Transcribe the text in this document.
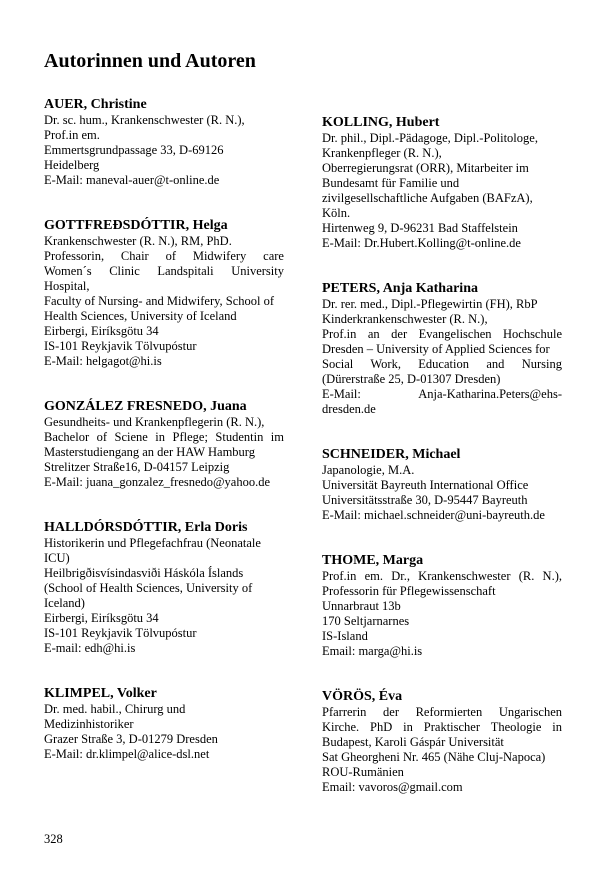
Autorinnen und Autoren
AUER, Christine
Dr. sc. hum., Krankenschwester (R. N.),
Prof.in em.
Emmertsgrundpassage 33, D-69126
Heidelberg
E-Mail: maneval-auer@t-online.de
GOTTFREÐSDÓTTIR, Helga
Krankenschwester (R. N.), RM, PhD.
Professorin, Chair of Midwifery care
Women´s Clinic Landspitali University
Hospital,
Faculty of Nursing- and Midwifery, School of
Health Sciences, University of Iceland
Eirbergi, Eiríksgötu 34
IS-101 Reykjavik Tölvupóstur
E-Mail: helgagot@hi.is
GONZÁLEZ FRESNEDO, Juana
Gesundheits- und Krankenpflegerin (R. N.),
Bachelor of Sciene in Pflege; Studentin im
Masterstudiengang an der HAW Hamburg
Strelitzer Straße16, D-04157 Leipzig
E-Mail: juana_gonzalez_fresnedo@yahoo.de
HALLDÓRSDÓTTIR, Erla Doris
Historikerin und Pflegefachfrau (Neonatale
ICU)
Heilbrigðisvísindasviði Háskóla Íslands
(School of Health Sciences, University of
Iceland)
Eirbergi, Eiríksgötu 34
IS-101 Reykjavik Tölvupóstur
E-mail: edh@hi.is
KLIMPEL, Volker
Dr. med. habil., Chirurg und
Medizinhistoriker
Grazer Straße 3, D-01279 Dresden
E-Mail: dr.klimpel@alice-dsl.net
KOLLING, Hubert
Dr. phil., Dipl.-Pädagoge, Dipl.-Politologe,
Krankenpfleger (R. N.),
Oberregierungsrat (ORR), Mitarbeiter im
Bundesamt für Familie und
zivilgesellschaftliche Aufgaben (BAFzA),
Köln.
Hirtenweg 9, D-96231 Bad Staffelstein
E-Mail: Dr.Hubert.Kolling@t-online.de
PETERS, Anja Katharina
Dr. rer. med., Dipl.-Pflegewirtin (FH), RbP
Kinderkrankenschwester (R. N.),
Prof.in an der Evangelischen Hochschule
Dresden – University of Applied Sciences for
Social Work, Education and Nursing
(Dürerstraße 25, D-01307 Dresden)
E-Mail: Anja-Katharina.Peters@ehs-
dresden.de
SCHNEIDER, Michael
Japanologie, M.A.
Universität Bayreuth International Office
Universitätsstraße 30, D-95447 Bayreuth
E-Mail: michael.schneider@uni-bayreuth.de
THOME, Marga
Prof.in em. Dr., Krankenschwester (R. N.),
Professorin für Pflegewissenschaft
Unnarbraut 13b
170 Seltjarnarnes
IS-Island
Email: marga@hi.is
VÖRÖS, Éva
Pfarrerin der Reformierten Ungarischen
Kirche. PhD in Praktischer Theologie in
Budapest, Karoli Gáspár Universität
Sat Gheorgheni Nr. 465 (Nähe Cluj-Napoca)
ROU-Rumänien
Email: vavoros@gmail.com
328
